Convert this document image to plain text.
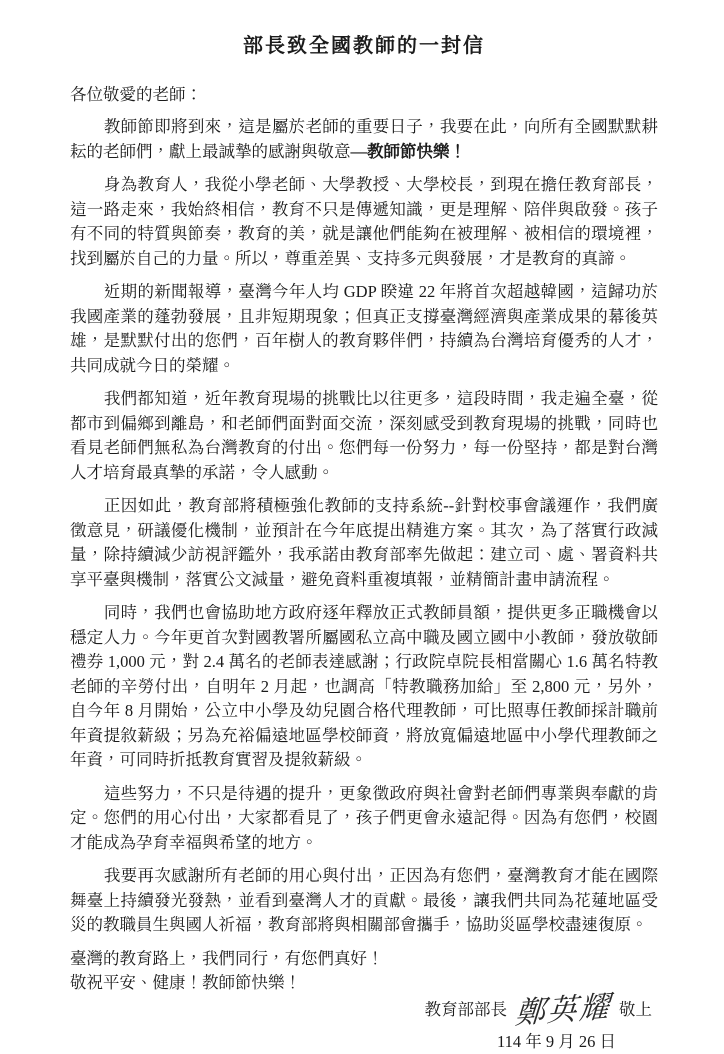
部長致全國教師的一封信

各位敬愛的老師：

教師節即將到來，這是屬於老師的重要日子，我要在此，向所有全國默默耕耘的老師們，獻上最誠摯的感謝與敬意—教師節快樂！

身為教育人，我從小學老師、大學教授、大學校長，到現在擔任教育部長，這一路走來，我始終相信，教育不只是傳遞知識，更是理解、陪伴與啟發。孩子有不同的特質與節奏，教育的美，就是讓他們能夠在被理解、被相信的環境裡，找到屬於自己的力量。所以，尊重差異、支持多元與發展，才是教育的真諦。

近期的新聞報導，臺灣今年人均 GDP 睽違 22 年將首次超越韓國，這歸功於我國產業的蓬勃發展，且非短期現象；但真正支撐臺灣經濟與產業成果的幕後英雄，是默默付出的您們，百年樹人的教育夥伴們，持續為台灣培育優秀的人才，共同成就今日的榮耀。

我們都知道，近年教育現場的挑戰比以往更多，這段時間，我走遍全臺，從都市到偏鄉到離島，和老師們面對面交流，深刻感受到教育現場的挑戰，同時也看見老師們無私為台灣教育的付出。您們每一份努力，每一份堅持，都是對台灣人才培育最真摯的承諾，令人感動。

正因如此，教育部將積極強化教師的支持系統--針對校事會議運作，我們廣徵意見，研議優化機制，並預計在今年底提出精進方案。其次，為了落實行政減量，除持續減少訪視評鑑外，我承諾由教育部率先做起：建立司、處、署資料共享平臺與機制，落實公文減量，避免資料重複填報，並精簡計畫申請流程。

同時，我們也會協助地方政府逐年釋放正式教師員額，提供更多正職機會以穩定人力。今年更首次對國教署所屬國私立高中職及國立國中小教師，發放敬師禮券 1,000 元，對 2.4 萬名的老師表達感謝；行政院卓院長相當關心 1.6 萬名特教老師的辛勞付出，自明年 2 月起，也調高「特教職務加給」至 2,800 元，另外，自今年 8 月開始，公立中小學及幼兒園合格代理教師，可比照專任教師採計職前年資提敘薪級；另為充裕偏遠地區學校師資，將放寬偏遠地區中小學代理教師之年資，可同時折抵教育實習及提敘薪級。

這些努力，不只是待遇的提升，更象徵政府與社會對老師們專業與奉獻的肯定。您們的用心付出，大家都看見了，孩子們更會永遠記得。因為有您們，校園才能成為孕育幸福與希望的地方。

我要再次感謝所有老師的用心與付出，正因為有您們，臺灣教育才能在國際舞臺上持續發光發熱，並看到臺灣人才的貢獻。最後，讓我們共同為花蓮地區受災的教職員生與國人祈福，教育部將與相關部會攜手，協助災區學校盡速復原。

臺灣的教育路上，我們同行，有您們真好！

敬祝平安、健康！教師節快樂！

教育部部長 鄭英耀 敬上
114 年 9 月 26 日
